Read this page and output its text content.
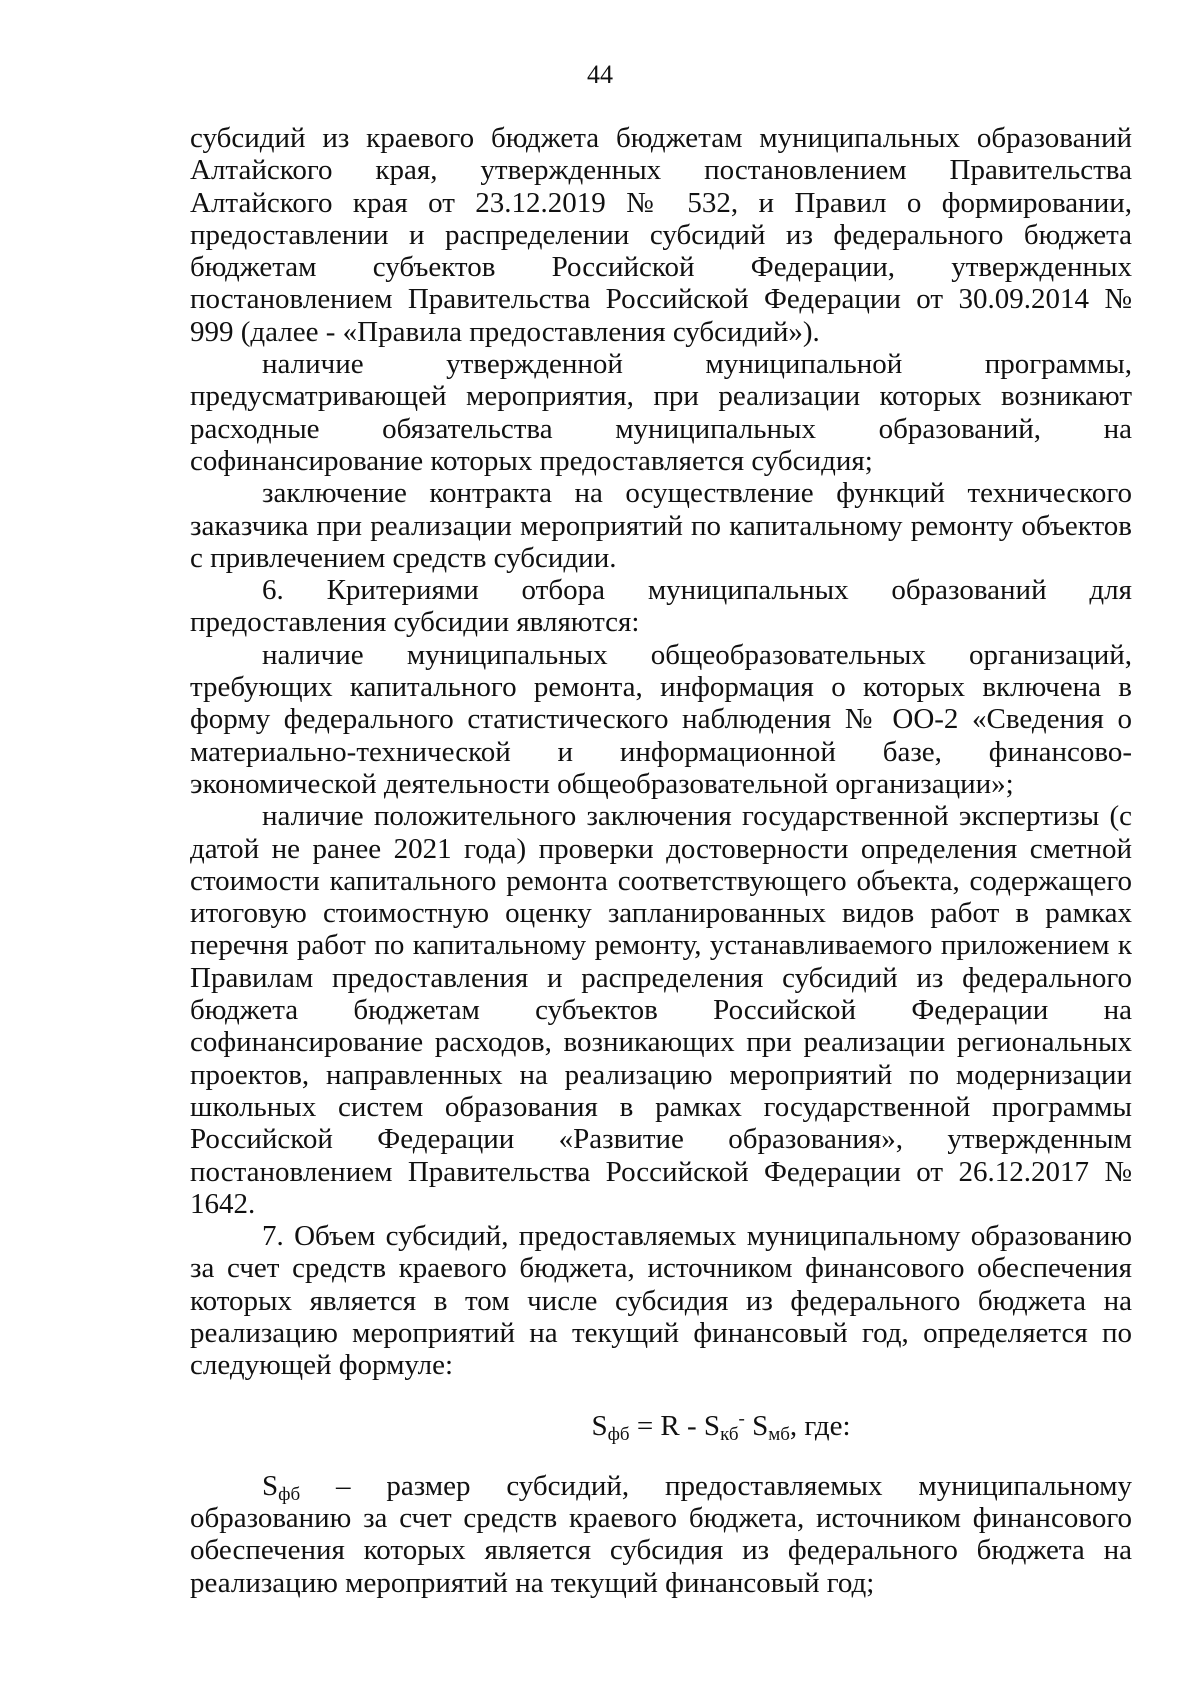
44

субсидий из краевого бюджета бюджетам муниципальных образований Алтайского края, утвержденных постановлением Правительства Алтайского края от 23.12.2019 № 532, и Правил о формировании, предоставлении и распределении субсидий из федерального бюджета бюджетам субъектов Российской Федерации, утвержденных постановлением Правительства Российской Федерации от 30.09.2014 № 999 (далее - «Правила предоставления субсидий»).

наличие утвержденной муниципальной программы, предусматривающей мероприятия, при реализации которых возникают расходные обязательства муниципальных образований, на софинансирование которых предоставляется субсидия;

заключение контракта на осуществление функций технического заказчика при реализации мероприятий по капитальному ремонту объектов с привлечением средств субсидии.

6. Критериями отбора муниципальных образований для предоставления субсидии являются:

наличие муниципальных общеобразовательных организаций, требующих капитального ремонта, информация о которых включена в форму федерального статистического наблюдения № ОО-2 «Сведения о материально-технической и информационной базе, финансово-экономической деятельности общеобразовательной организации»;

наличие положительного заключения государственной экспертизы (с датой не ранее 2021 года) проверки достоверности определения сметной стоимости капитального ремонта соответствующего объекта, содержащего итоговую стоимостную оценку запланированных видов работ в рамках перечня работ по капитальному ремонту, устанавливаемого приложением к Правилам предоставления и распределения субсидий из федерального бюджета бюджетам субъектов Российской Федерации на софинансирование расходов, возникающих при реализации региональных проектов, направленных на реализацию мероприятий по модернизации школьных систем образования в рамках государственной программы Российской Федерации «Развитие образования», утвержденным постановлением Правительства Российской Федерации от 26.12.2017 № 1642.

7. Объем субсидий, предоставляемых муниципальному образованию за счет средств краевого бюджета, источником финансового обеспечения которых является в том числе субсидия из федерального бюджета на реализацию мероприятий на текущий финансовый год, определяется по следующей формуле:

$S_{фб} = R - S_{кб}^-$ $S_{мб}$, где:

$S_{фб}$ – размер субсидий, предоставляемых муниципальному образованию за счет средств краевого бюджета, источником финансового обеспечения которых является субсидия из федерального бюджета на реализацию мероприятий на текущий финансовый год;
